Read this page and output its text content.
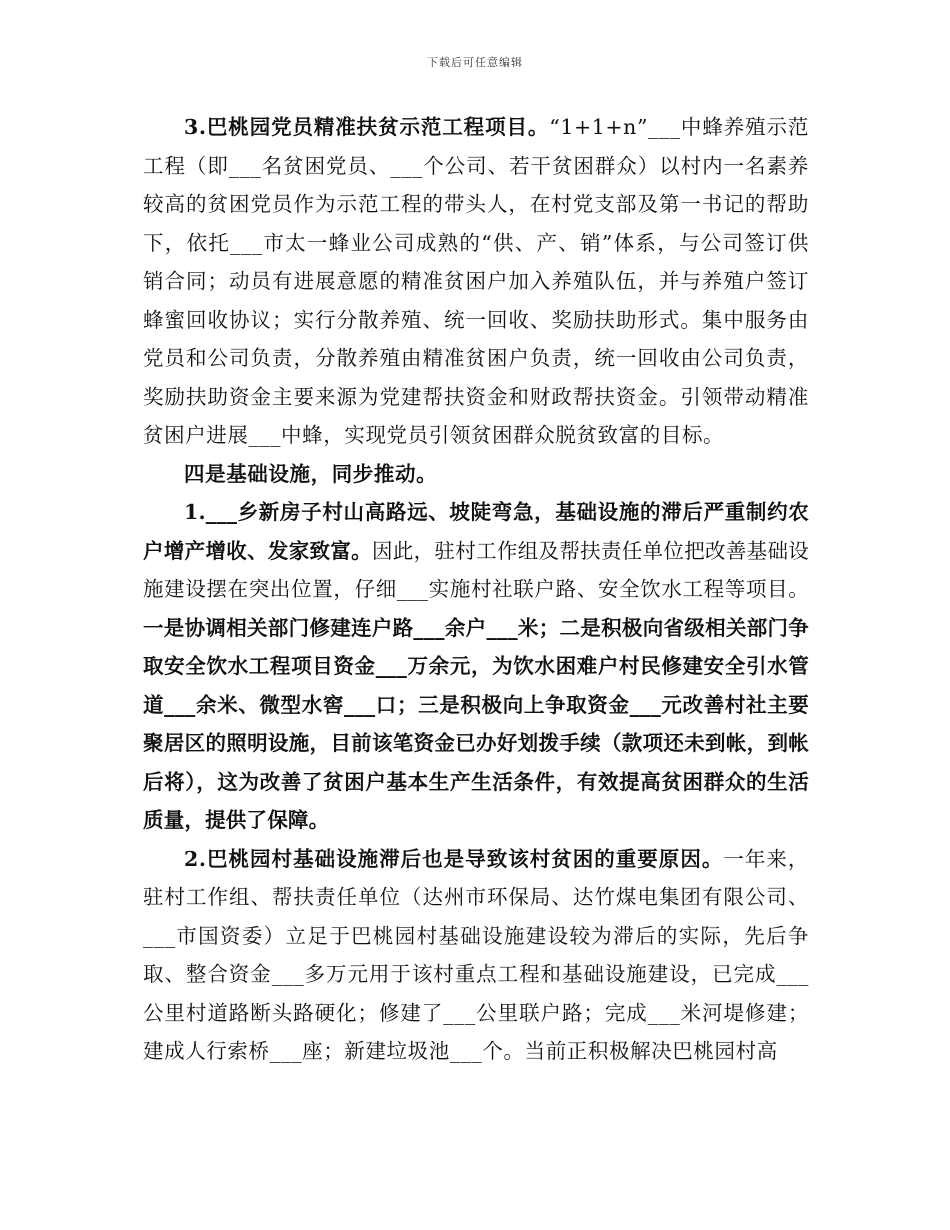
下载后可任意编辑

3.巴桃园党员精准扶贫示范工程项目。“1+1+n”___中蜂养殖示范工程（即___名贫困党员、___个公司、若干贫困群众）以村内一名素养较高的贫困党员作为示范工程的带头人，在村党支部及第一书记的帮助下，依托___市太一蜂业公司成熟的“供、产、销”体系，与公司签订供销合同；动员有进展意愿的精准贫困户加入养殖队伍，并与养殖户签订蜂蜜回收协议；实行分散养殖、统一回收、奖励扶助形式。集中服务由党员和公司负责，分散养殖由精准贫困户负责，统一回收由公司负责，奖励扶助资金主要来源为党建帮扶资金和财政帮扶资金。引领带动精准贫困户进展___中蜂，实现党员引领贫困群众脱贫致富的目标。

四是基础设施，同步推动。

1.___乡新房子村山高路远、坡陡弯急，基础设施的滞后严重制约农户增产增收、发家致富。因此，驻村工作组及帮扶责任单位把改善基础设施建设摆在突出位置，仔细___实施村社联户路、安全饮水工程等项目。一是协调相关部门修建连户路___余户___米；二是积极向省级相关部门争取安全饮水工程项目资金___万余元，为饮水困难户村民修建安全引水管道___余米、微型水窖___口；三是积极向上争取资金___元改善村社主要聚居区的照明设施，目前该笔资金已办好划拨手续（款项还未到帐，到帐后将），这为改善了贫困户基本生产生活条件，有效提高贫困群众的生活质量，提供了保障。

2.巴桃园村基础设施滞后也是导致该村贫困的重要原因。一年来，驻村工作组、帮扶责任单位（达州市环保局、达竹煤电集团有限公司、___市国资委）立足于巴桃园村基础设施建设较为滞后的实际，先后争取、整合资金___多万元用于该村重点工程和基础设施建设，已完成___公里村道路断头路硬化；修建了___公里联户路；完成___米河堤修建；建成人行索桥___座；新建垃圾池___个。当前正积极解决巴桃园村高
